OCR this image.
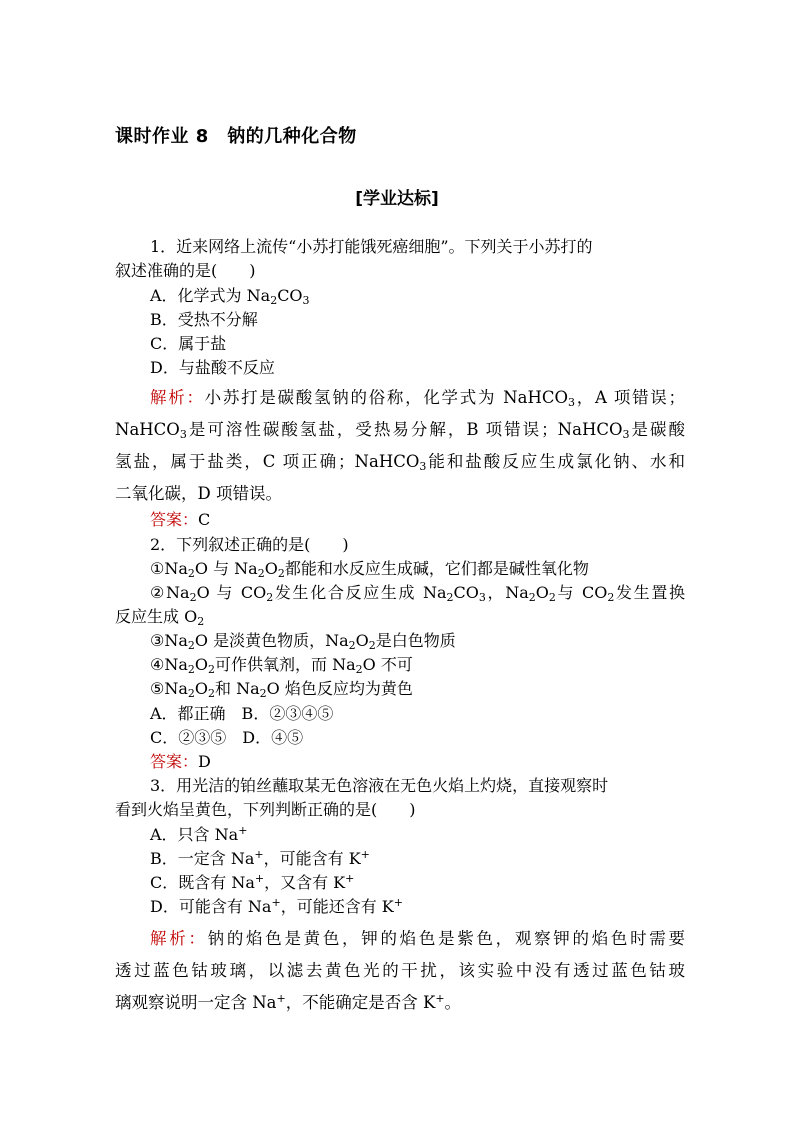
课时作业 8　钠的几种化合物
[学业达标]
1．近来网络上流传“小苏打能饿死癌细胞”。下列关于小苏打的
叙述准确的是(　　)
A．化学式为 $Na_2CO_3$
B．受热不分解
C．属于盐
D．与盐酸不反应
解析：小苏打是碳酸氢钠的俗称，化学式为 NaHCO$_3$，A 项错误；
NaHCO$_3$是可溶性碳酸氢盐，受热易分解，B 项错误；NaHCO$_3$是碳酸
氢盐，属于盐类，C 项正确；NaHCO$_3$能和盐酸反应生成氯化钠、水和
二氧化碳，D 项错误。
答案：C
2．下列叙述正确的是(　　)
$①Na_2O$ 与 $Na_2O_2$都能和水反应生成碱，它们都是碱性氧化物
$②Na_2O$ 与 $CO_2$发生化合反应生成 $Na_2CO_3$，$Na_2O_2$与 $CO_2$发生置换
反应生成 $O_2$
$③Na_2O$ 是淡黄色物质，$Na_2O_2$是白色物质
$④Na_2O_2$可作供氧剂，而 $Na_2O$ 不可
$⑤Na_2O_2$和 $Na_2O$ 焰色反应均为黄色
A．都正确　B．②③④⑤
C．②③⑤　D．④⑤
答案：D
3．用光洁的铂丝蘸取某无色溶液在无色火焰上灼烧，直接观察时
看到火焰呈黄色，下列判断正确的是(　　)
A．只含 Na+
B．一定含 Na+，可能含有 K+
C．既含有 Na+，又含有 K+
D．可能含有 Na+，可能还含有 K+
解析：钠的焰色是黄色，钾的焰色是紫色，观察钾的焰色时需要
透过蓝色钴玻璃，以滤去黄色光的干扰，该实验中没有透过蓝色钴玻
璃观察说明一定含 Na+，不能确定是否含 K+。
